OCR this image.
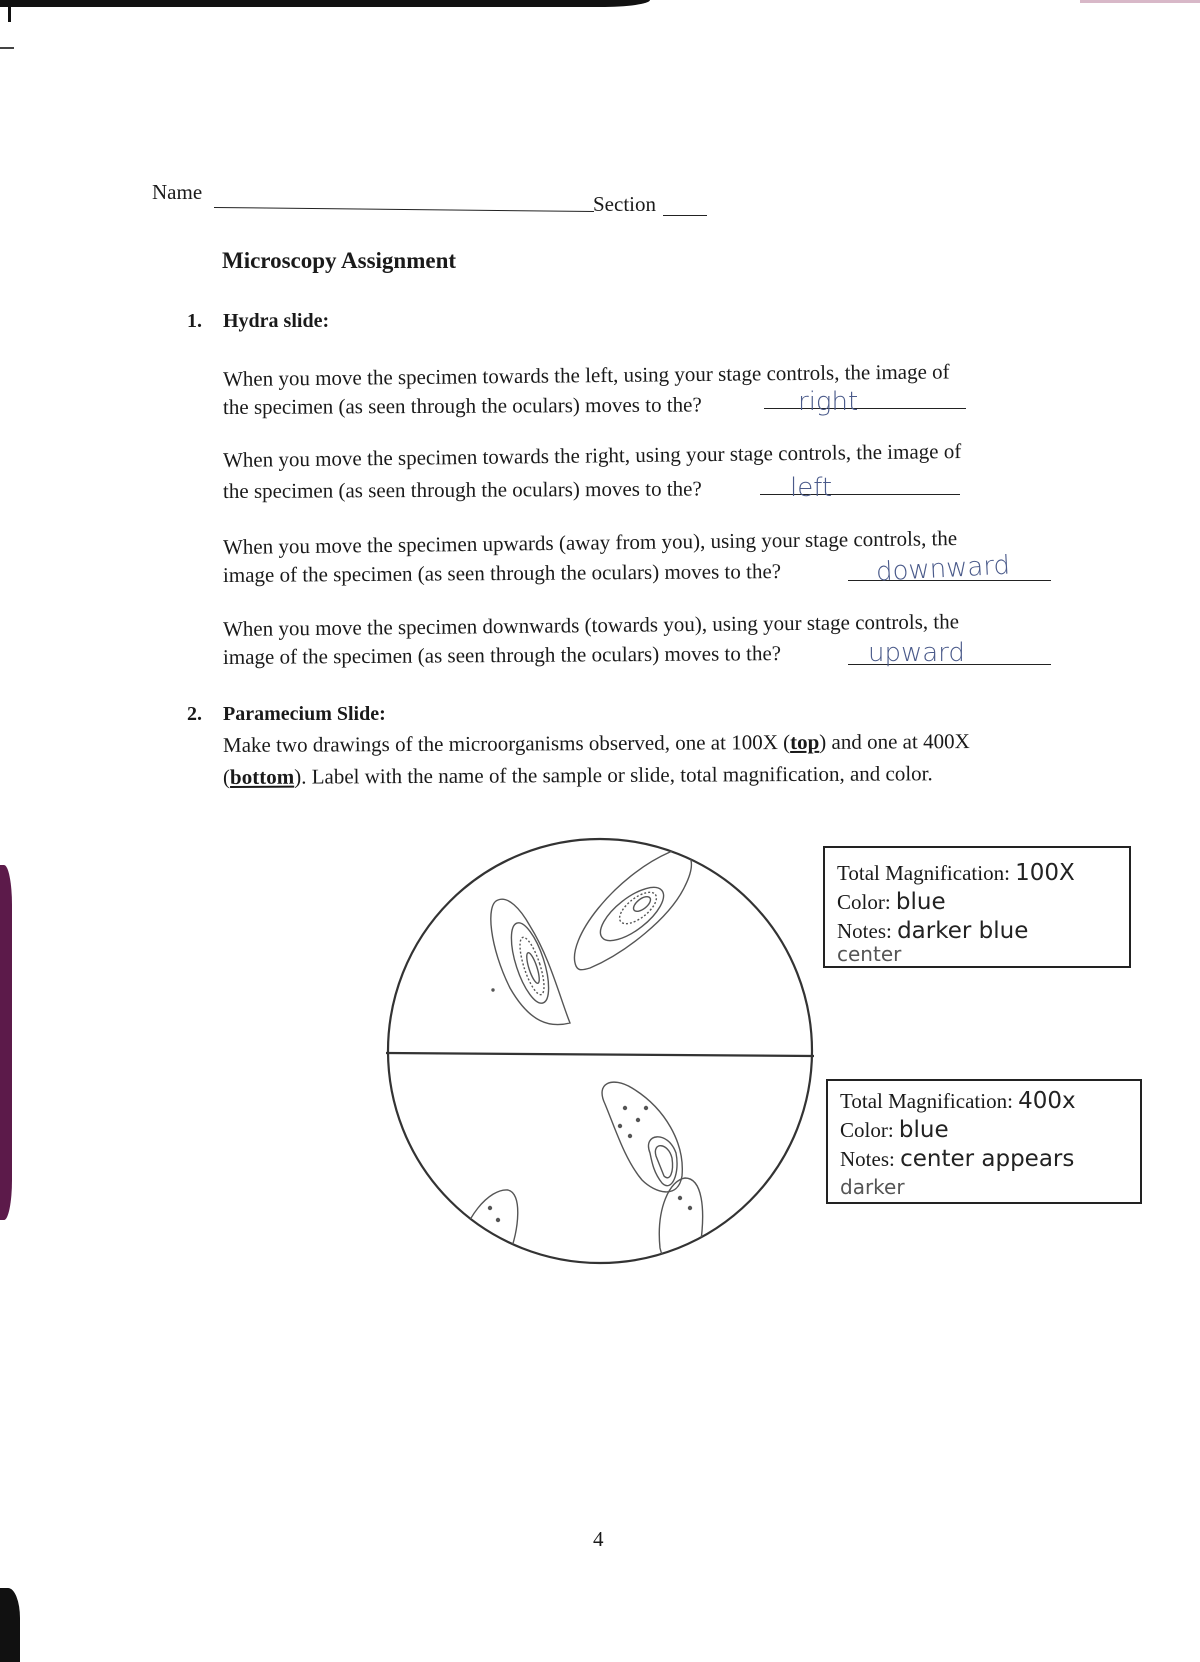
Name	Section
Microscopy Assignment
1. Hydra slide:
When you move the specimen towards the left, using your stage controls, the image of
the specimen (as seen through the oculars) moves to the?	right
When you move the specimen towards the right, using your stage controls, the image of
the specimen (as seen through the oculars) moves to the?	left
When you move the specimen upwards (away from you), using your stage controls, the
image of the specimen (as seen through the oculars) moves to the?	downward
When you move the specimen downwards (towards you), using your stage controls, the
image of the specimen (as seen through the oculars) moves to the?	upward
2. Paramecium Slide:
Make two drawings of the microorganisms observed, one at 100X (top) and one at 400X
(bottom). Label with the name of the sample or slide, total magnification, and color.
Total Magnification: 100X
Color: blue
Notes: darker blue
center
Total Magnification: 400x
Color: blue
Notes: center appears
darker
4
